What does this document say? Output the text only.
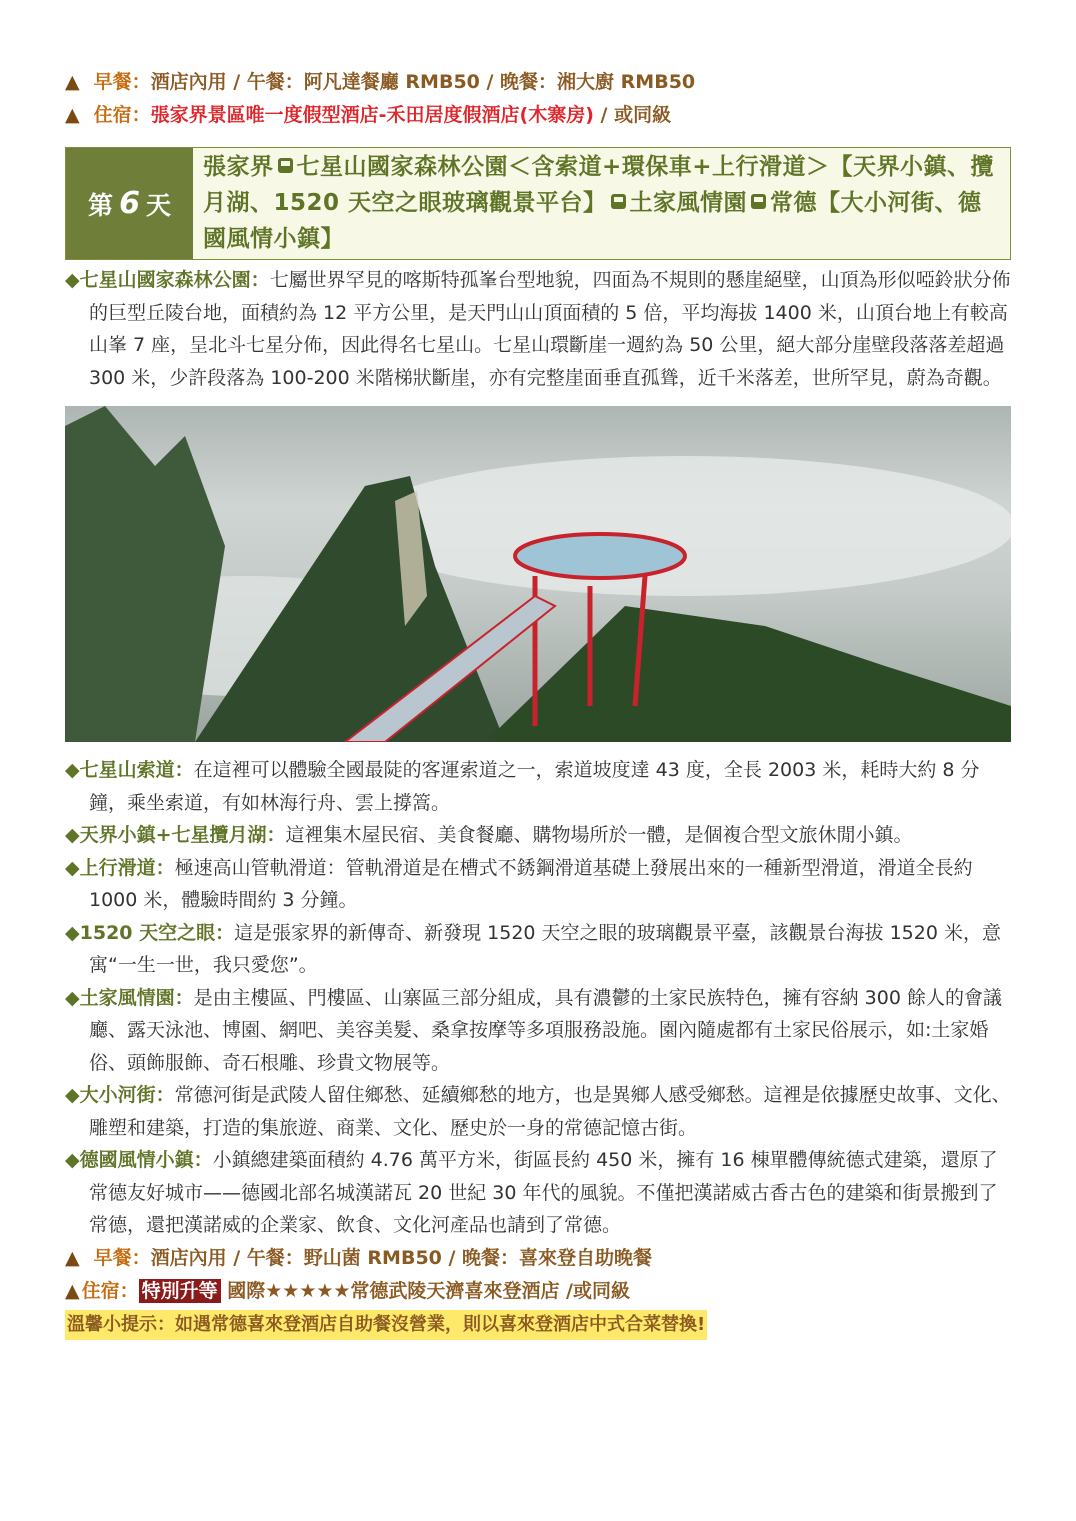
▲ 早餐：酒店內用 / 午餐：阿凡達餐廳 RMB50 / 晚餐：湘大廚 RMB50
▲ 住宿：張家界景區唯一度假型酒店-禾田居度假酒店(木寨房) / 或同級
第 6 天
張家界 七星山國家森林公園＜含索道+環保車+上行滑道＞【天界小鎮、攬月湖、1520 天空之眼玻璃觀景平台】 土家風情園 常德【大小河街、德國風情小鎮】
◆七星山國家森林公園：七屬世界罕見的喀斯特孤峯台型地貌，四面為不規則的懸崖絕壁，山頂為形似啞鈴狀分佈的巨型丘陵台地，面積約為 12 平方公里，是天門山山頂面積的 5 倍，平均海拔 1400 米，山頂台地上有較高山峯 7 座，呈北斗七星分佈，因此得名七星山。七星山環斷崖一週約為 50 公里，絕大部分崖壁段落落差超過 300 米，少許段落為 100-200 米階梯狀斷崖，亦有完整崖面垂直孤聳，近千米落差，世所罕見，蔚為奇觀。
◆七星山索道：在這裡可以體驗全國最陡的客運索道之一，索道坡度達 43 度，全長 2003 米，耗時大約 8 分鐘，乘坐索道，有如林海行舟、雲上撐篙。
◆天界小鎮+七星攬月湖：這裡集木屋民宿、美食餐廳、購物場所於一體，是個複合型文旅休閒小鎮。
◆上行滑道：極速高山管軌滑道：管軌滑道是在槽式不銹鋼滑道基礎上發展出來的一種新型滑道，滑道全長約 1000 米，體驗時間約 3 分鐘。
◆1520 天空之眼：這是張家界的新傳奇、新發現 1520 天空之眼的玻璃觀景平臺，該觀景台海拔 1520 米，意寓“一生一世，我只愛您”。
◆土家風情園：是由主樓區、門樓區、山寨區三部分組成，具有濃鬱的土家民族特色，擁有容納 300 餘人的會議廳、露天泳池、博園、網吧、美容美髮、桑拿按摩等多項服務設施。園內隨處都有土家民俗展示，如:土家婚俗、頭飾服飾、奇石根雕、珍貴文物展等。
◆大小河街：常德河街是武陵人留住鄉愁、延續鄉愁的地方，也是異鄉人感受鄉愁。這裡是依據歷史故事、文化、雕塑和建築，打造的集旅遊、商業、文化、歷史於一身的常德記憶古街。
◆德國風情小鎮：小鎮總建築面積約 4.76 萬平方米，街區長約 450 米，擁有 16 棟單體傳統德式建築，還原了常德友好城市——德國北部名城漢諾瓦 20 世紀 30 年代的風貌。不僅把漢諾威古香古色的建築和街景搬到了常德，還把漢諾威的企業家、飲食、文化河產品也請到了常德。
▲ 早餐：酒店內用 / 午餐：野山菌 RMB50 / 晚餐：喜來登自助晚餐
▲ 住宿： 特別升等 國際★★★★★常德武陵天濟喜來登酒店 /或同級
溫馨小提示：如遇常德喜來登酒店自助餐沒營業，則以喜來登酒店中式合菜替換!
